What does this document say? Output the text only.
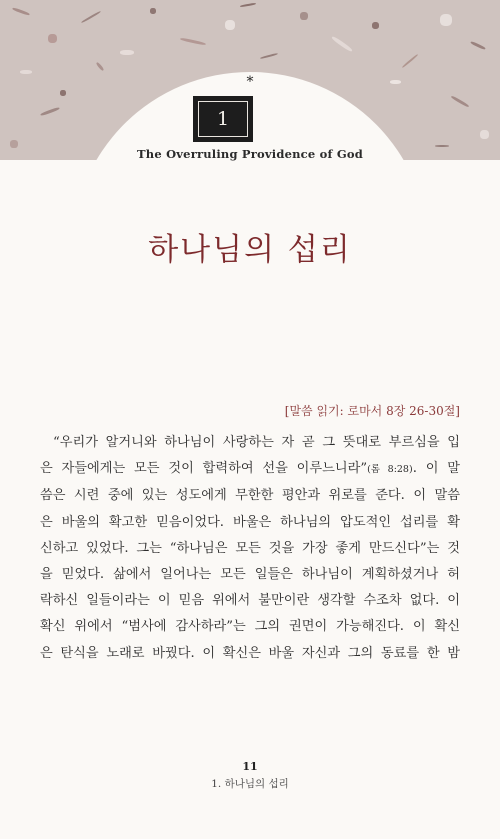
*
1
The Overruling Providence of God
하나님의 섭리
[말씀 읽기: 로마서 8장 26-30절]
“우리가 알거니와 하나님이 사랑하는 자 곧 그 뜻대로 부르심을 입
은 자들에게는 모든 것이 합력하여 선을 이루느니라”(롬 8:28). 이 말
씀은 시련 중에 있는 성도에게 무한한 평안과 위로를 준다. 이 말씀
은 바울의 확고한 믿음이었다. 바울은 하나님의 압도적인 섭리를 확
신하고 있었다. 그는 “하나님은 모든 것을 가장 좋게 만드신다”는 것
을 믿었다. 삶에서 일어나는 모든 일들은 하나님이 계획하셨거나 허
락하신 일들이라는 이 믿음 위에서 불만이란 생각할 수조차 없다. 이
확신 위에서 “범사에 감사하라”는 그의 권면이 가능해진다. 이 확신
은 탄식을 노래로 바꿨다. 이 확신은 바울 자신과 그의 동료를 한 밤
11
1. 하나님의 섭리
